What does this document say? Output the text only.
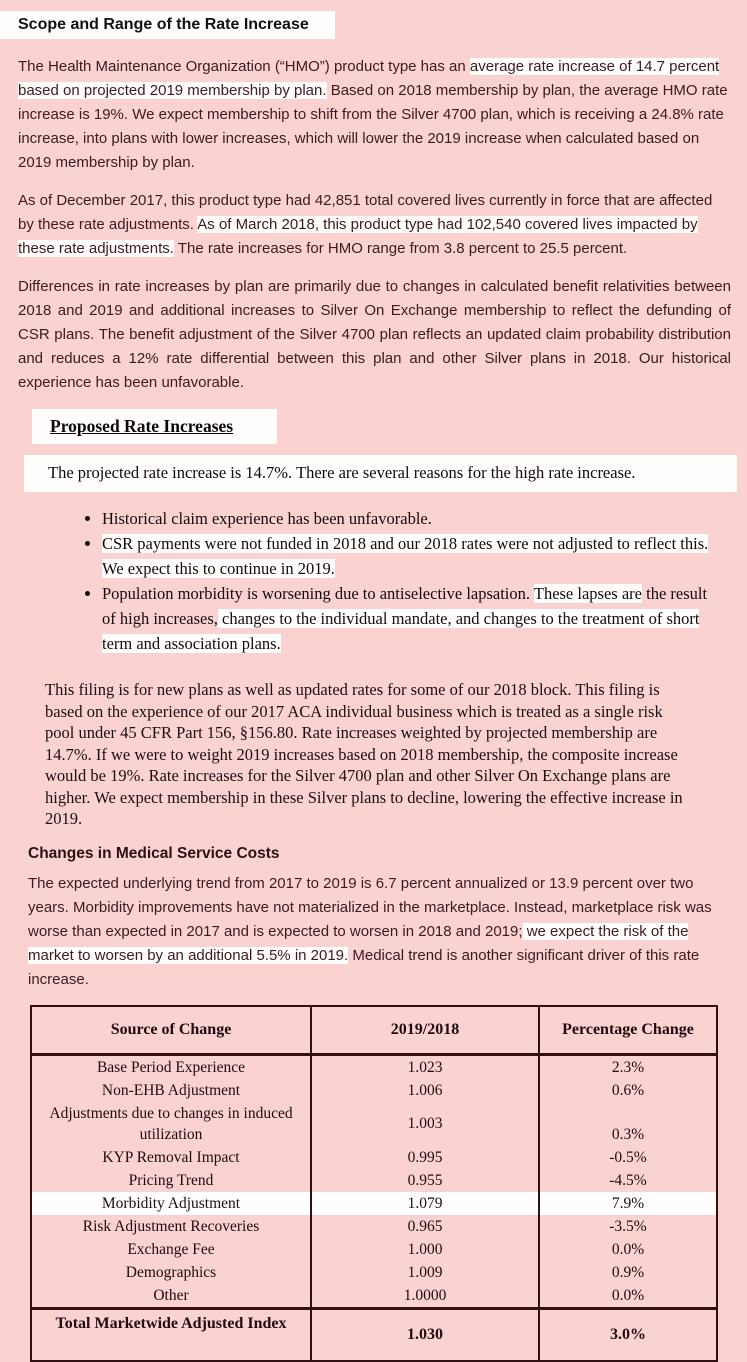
Scope and Range of the Rate Increase

The Health Maintenance Organization (“HMO”) product type has an average rate increase of 14.7 percent based on projected 2019 membership by plan. Based on 2018 membership by plan, the average HMO rate increase is 19%. We expect membership to shift from the Silver 4700 plan, which is receiving a 24.8% rate increase, into plans with lower increases, which will lower the 2019 increase when calculated based on 2019 membership by plan.

As of December 2017, this product type had 42,851 total covered lives currently in force that are affected by these rate adjustments. As of March 2018, this product type had 102,540 covered lives impacted by these rate adjustments. The rate increases for HMO range from 3.8 percent to 25.5 percent.

Differences in rate increases by plan are primarily due to changes in calculated benefit relativities between 2018 and 2019 and additional increases to Silver On Exchange membership to reflect the defunding of CSR plans. The benefit adjustment of the Silver 4700 plan reflects an updated claim probability distribution and reduces a 12% rate differential between this plan and other Silver plans in 2018. Our historical experience has been unfavorable.

Proposed Rate Increases
The projected rate increase is 14.7%. There are several reasons for the high rate increase.
• Historical claim experience has been unfavorable.
• CSR payments were not funded in 2018 and our 2018 rates were not adjusted to reflect this. We expect this to continue in 2019.
• Population morbidity is worsening due to antiselective lapsation. These lapses are the result of high increases, changes to the individual mandate, and changes to the treatment of short term and association plans.

This filing is for new plans as well as updated rates for some of our 2018 block. This filing is based on the experience of our 2017 ACA individual business which is treated as a single risk pool under 45 CFR Part 156, §156.80. Rate increases weighted by projected membership are 14.7%. If we were to weight 2019 increases based on 2018 membership, the composite increase would be 19%. Rate increases for the Silver 4700 plan and other Silver On Exchange plans are higher. We expect membership in these Silver plans to decline, lowering the effective increase in 2019.

Changes in Medical Service Costs

The expected underlying trend from 2017 to 2019 is 6.7 percent annualized or 13.9 percent over two years. Morbidity improvements have not materialized in the marketplace. Instead, marketplace risk was worse than expected in 2017 and is expected to worsen in 2018 and 2019; we expect the risk of the market to worsen by an additional 5.5% in 2019. Medical trend is another significant driver of this rate increase.

Source of Change	2019/2018	Percentage Change
Base Period Experience	1.023	2.3%
Non-EHB Adjustment	1.006	0.6%
Adjustments due to changes in induced utilization	1.003	0.3%
KYP Removal Impact	0.995	-0.5%
Pricing Trend	0.955	-4.5%
Morbidity Adjustment	1.079	7.9%
Risk Adjustment Recoveries	0.965	-3.5%
Exchange Fee	1.000	0.0%
Demographics	1.009	0.9%
Other	1.0000	0.0%
Total Marketwide Adjusted Index	1.030	3.0%
